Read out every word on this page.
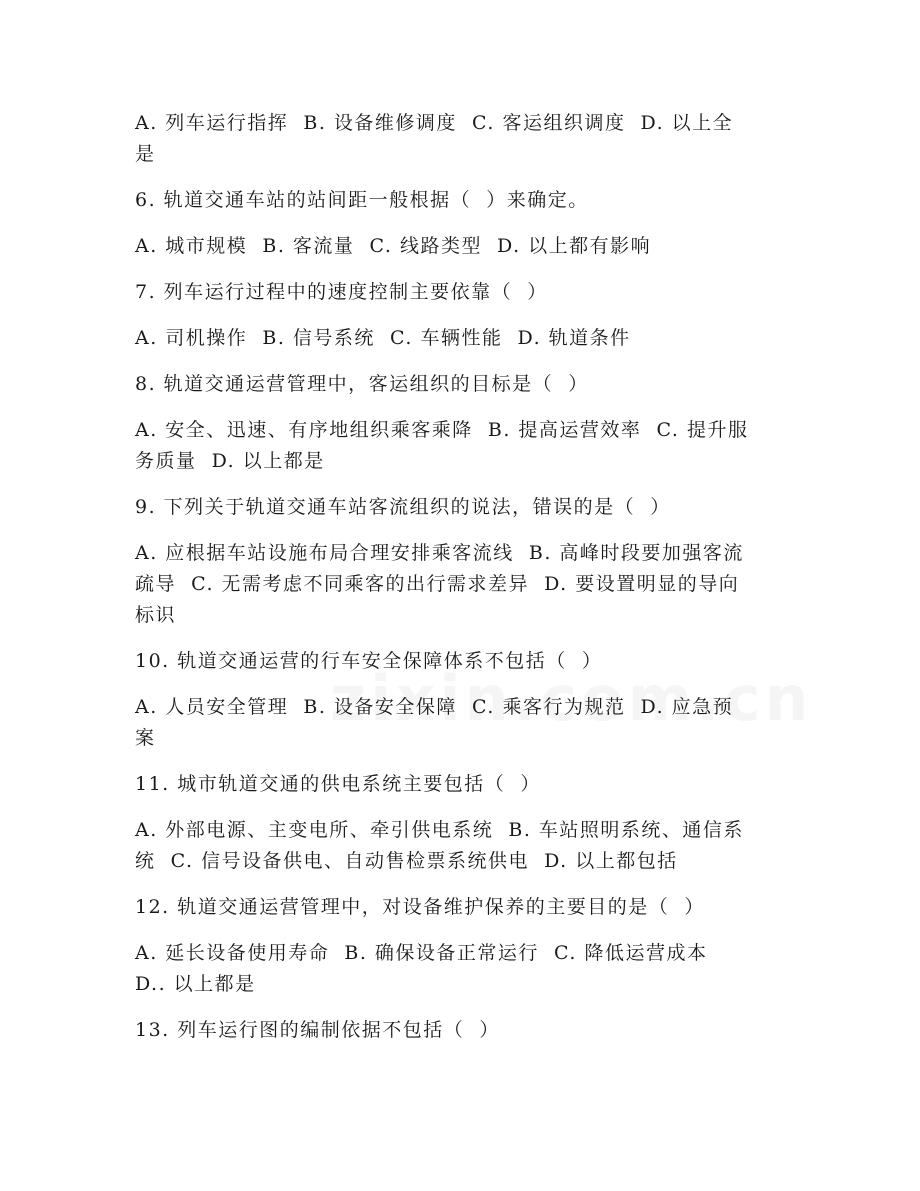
A. 列车运行指挥  B. 设备维修调度  C. 客运组织调度  D. 以上全
是
6. 轨道交通车站的站间距一般根据（  ）来确定。
A. 城市规模  B. 客流量  C. 线路类型  D. 以上都有影响
7. 列车运行过程中的速度控制主要依靠（  ）
A. 司机操作  B. 信号系统  C. 车辆性能  D. 轨道条件
8. 轨道交通运营管理中，客运组织的目标是（  ）
A. 安全、迅速、有序地组织乘客乘降  B. 提高运营效率  C. 提升服
务质量  D. 以上都是
9. 下列关于轨道交通车站客流组织的说法，错误的是（  ）
A. 应根据车站设施布局合理安排乘客流线  B. 高峰时段要加强客流
疏导  C. 无需考虑不同乘客的出行需求差异  D. 要设置明显的导向
标识
10. 轨道交通运营的行车安全保障体系不包括（  ）
A. 人员安全管理  B. 设备安全保障  C. 乘客行为规范  D. 应急预
案
11. 城市轨道交通的供电系统主要包括（  ）
A. 外部电源、主变电所、牵引供电系统  B. 车站照明系统、通信系
统  C. 信号设备供电、自动售检票系统供电  D. 以上都包括
12. 轨道交通运营管理中，对设备维护保养的主要目的是（  ）
A. 延长设备使用寿命  B. 确保设备正常运行  C. 降低运营成本
D.. 以上都是
13. 列车运行图的编制依据不包括（  ）
